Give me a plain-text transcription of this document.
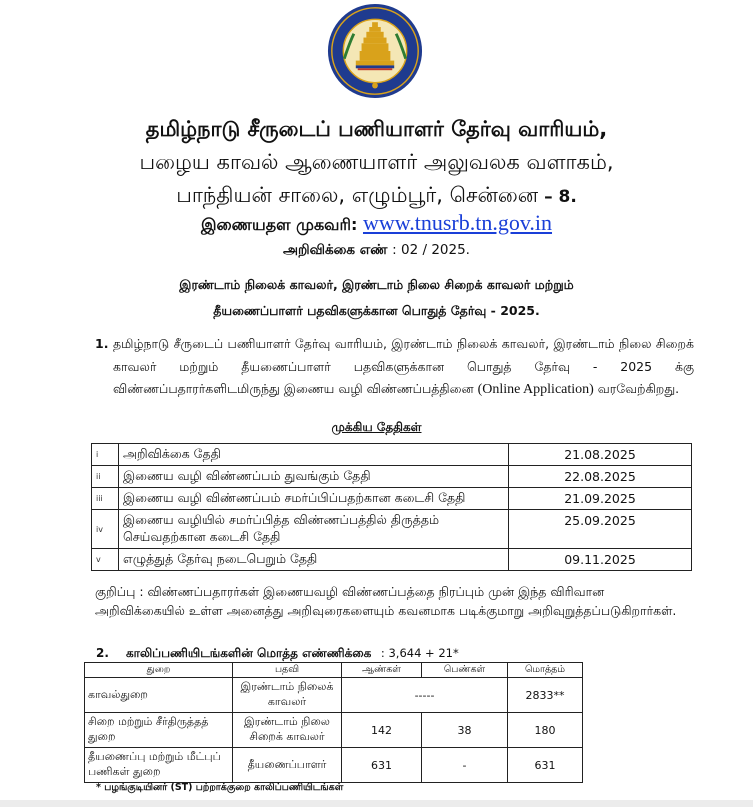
தமிழ்நாடு சீருடைப் பணியாளர் தேர்வு வாரியம்,
பழைய காவல் ஆணையாளர் அலுவலக வளாகம்,
பாந்தியன் சாலை, எழும்பூர், சென்னை – 8.
இணையதள முகவரி: www.tnusrb.tn.gov.in
அறிவிக்கை எண் : 02 / 2025.
இரண்டாம் நிலைக் காவலர், இரண்டாம் நிலை சிறைக் காவலர் மற்றும்
தீயணைப்பாளர் பதவிகளுக்கான பொதுத் தேர்வு - 2025.
1. தமிழ்நாடு சீருடைப் பணியாளர் தேர்வு வாரியம், இரண்டாம் நிலைக் காவலர், இரண்டாம் நிலை சிறைக் காவலர் மற்றும் தீயணைப்பாளர் பதவிகளுக்கான பொதுத் தேர்வு - 2025 க்கு விண்ணப்பதாரர்களிடமிருந்து இணைய வழி விண்ணப்பத்தினை (Online Application) வரவேற்கிறது.
முக்கிய தேதிகள்
i	அறிவிக்கை தேதி	21.08.2025
ii	இணைய வழி விண்ணப்பம் துவங்கும் தேதி	22.08.2025
iii	இணைய வழி விண்ணப்பம் சமர்ப்பிப்பதற்கான கடைசி தேதி	21.09.2025
iv	இணைய வழியில் சமர்ப்பித்த விண்ணப்பத்தில் திருத்தம் செய்வதற்கான கடைசி தேதி	25.09.2025
v	எழுத்துத் தேர்வு நடைபெறும் தேதி	09.11.2025
குறிப்பு : விண்ணப்பதாரர்கள் இணையவழி விண்ணப்பத்தை நிரப்பும் முன் இந்த விரிவான அறிவிக்கையில் உள்ள அனைத்து அறிவுரைகளையும் கவனமாக படிக்குமாறு அறிவுறுத்தப்படுகிறார்கள்.
2. காலிப்பணியிடங்களின் மொத்த எண்ணிக்கை : 3,644 + 21*
துறை	பதவி	ஆண்கள்	பெண்கள்	மொத்தம்
காவல்துறை	இரண்டாம் நிலைக் காவலர்	-----		2833**
சிறை மற்றும் சீர்திருத்தத் துறை	இரண்டாம் நிலை சிறைக் காவலர்	142	38	180
தீயணைப்பு மற்றும் மீட்புப் பணிகள் துறை	தீயணைப்பாளர்	631	-	631
* பழங்குடியினர் (ST) பற்றாக்குறை காலிப்பணியிடங்கள்
